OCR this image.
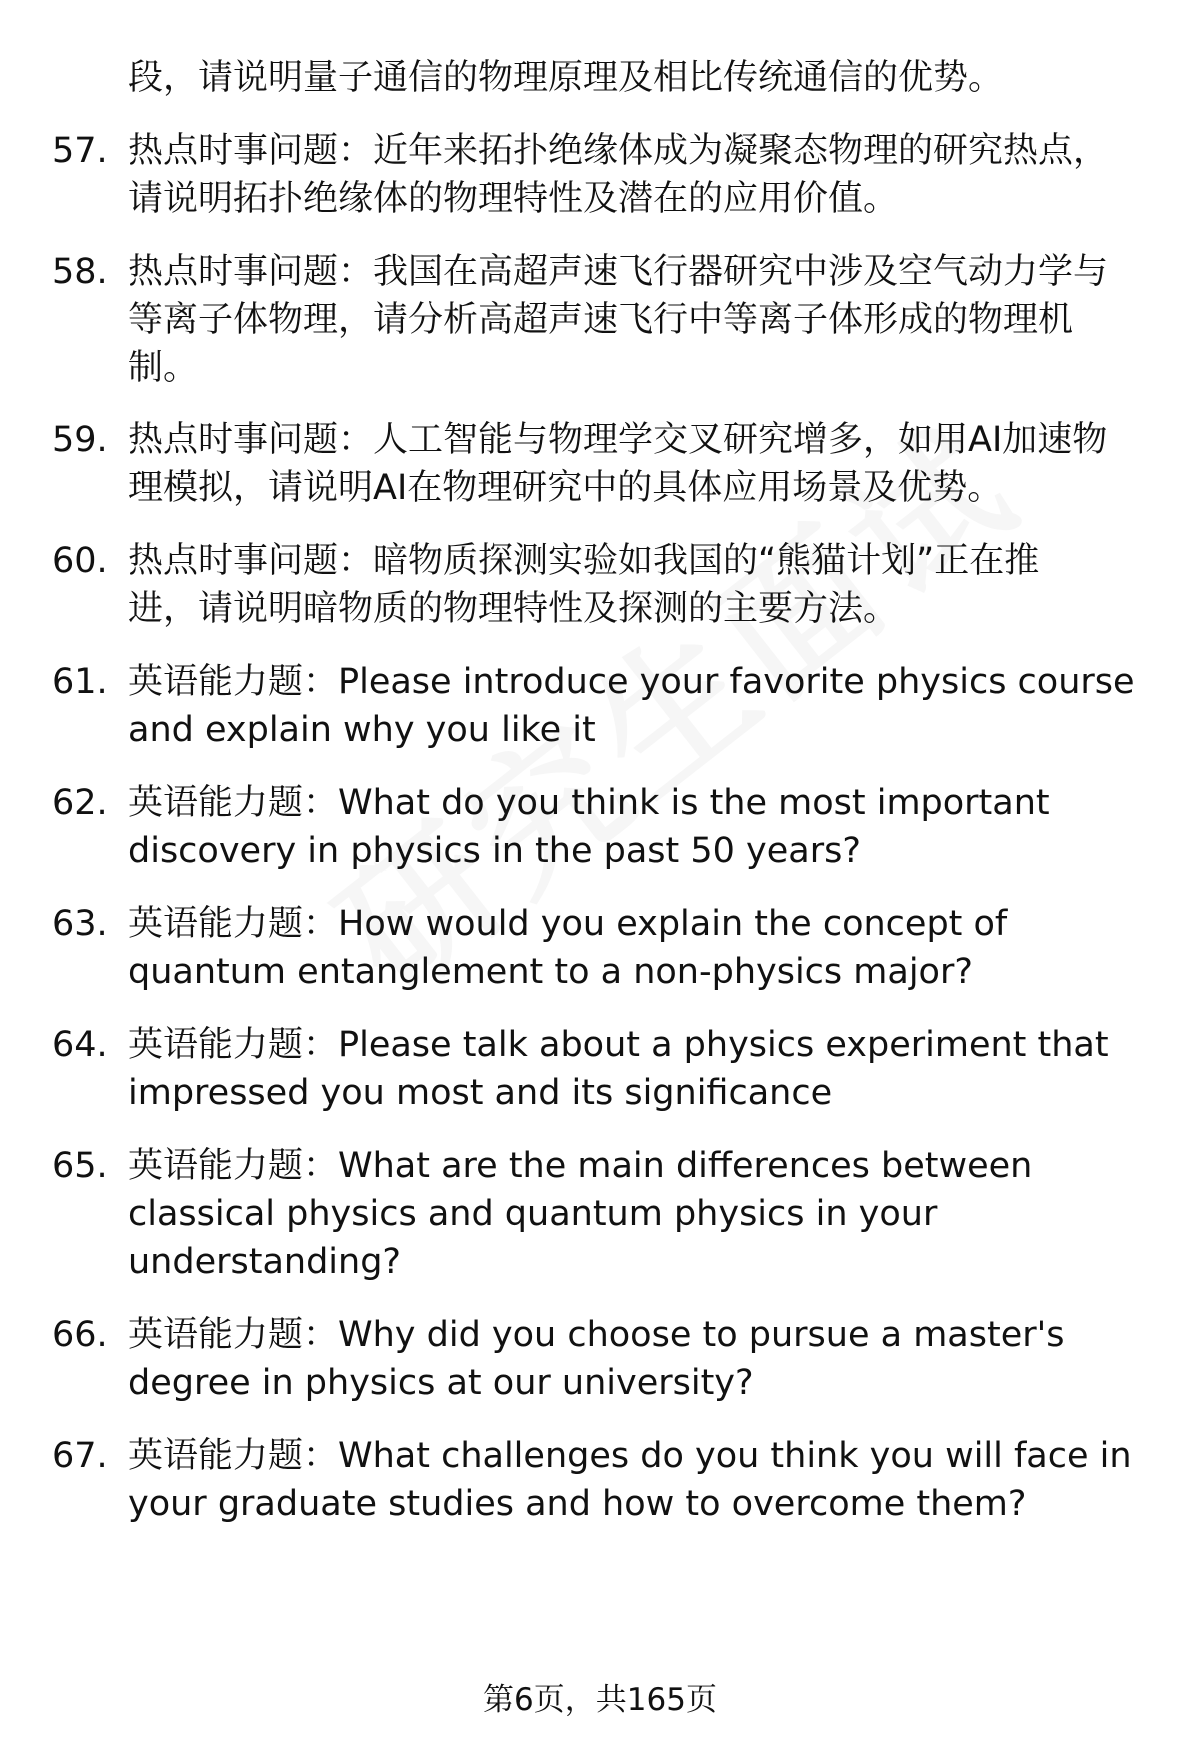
段，请说明量子通信的物理原理及相比传统通信的优势。
57. 热点时事问题：近年来拓扑绝缘体成为凝聚态物理的研究热点，
请说明拓扑绝缘体的物理特性及潜在的应用价值。
58. 热点时事问题：我国在高超声速飞行器研究中涉及空气动力学与
等离子体物理，请分析高超声速飞行中等离子体形成的物理机
制。
59. 热点时事问题：人工智能与物理学交叉研究增多，如用AI加速物
理模拟，请说明AI在物理研究中的具体应用场景及优势。
60. 热点时事问题：暗物质探测实验如我国的“熊猫计划”正在推
进，请说明暗物质的物理特性及探测的主要方法。
61. 英语能力题：Please introduce your favorite physics course
and explain why you like it
62. 英语能力题：What do you think is the most important
discovery in physics in the past 50 years?
63. 英语能力题：How would you explain the concept of
quantum entanglement to a non-physics major?
64. 英语能力题：Please talk about a physics experiment that
impressed you most and its significance
65. 英语能力题：What are the main differences between
classical physics and quantum physics in your
understanding?
66. 英语能力题：Why did you choose to pursue a master's
degree in physics at our university?
67. 英语能力题：What challenges do you think you will face in
your graduate studies and how to overcome them?
第6页，共165页
